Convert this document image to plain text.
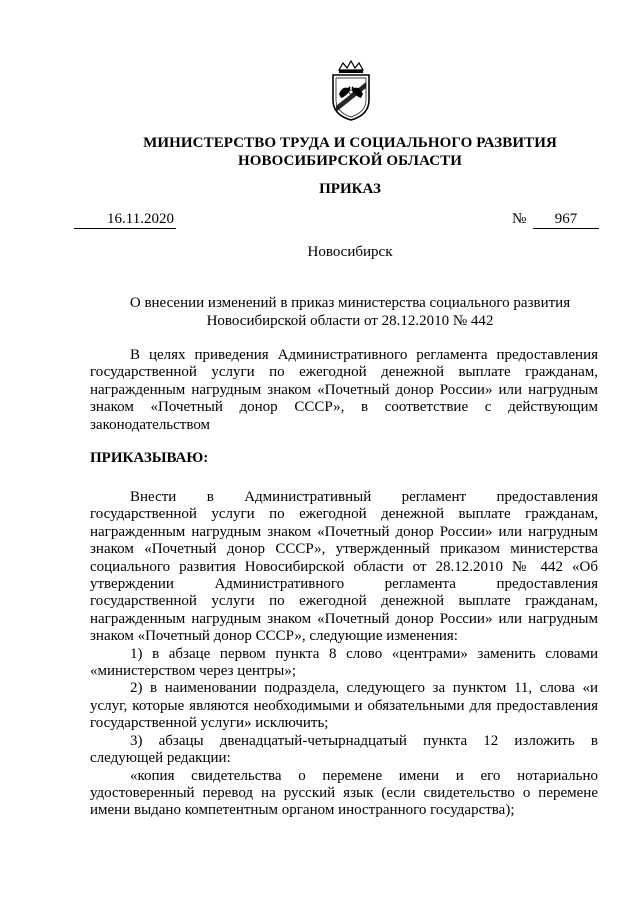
МИНИСТЕРСТВО ТРУДА И СОЦИАЛЬНОГО РАЗВИТИЯ
НОВОСИБИРСКОЙ ОБЛАСТИ
ПРИКАЗ
16.11.2020	№	967
Новосибирск
О внесении изменений в приказ министерства социального развития
Новосибирской области от 28.12.2010 № 442

В целях приведения Административного регламента предоставления государственной услуги по ежегодной денежной выплате гражданам, награжденным нагрудным знаком «Почетный донор России» или нагрудным знаком «Почетный донор СССР», в соответствие с действующим законодательством

ПРИКАЗЫВАЮ:

Внести в Административный регламент предоставления государственной услуги по ежегодной денежной выплате гражданам, награжденным нагрудным знаком «Почетный донор России» или нагрудным знаком «Почетный донор СССР», утвержденный приказом министерства социального развития Новосибирской области от 28.12.2010 № 442 «Об утверждении Административного регламента предоставления государственной услуги по ежегодной денежной выплате гражданам, награжденным нагрудным знаком «Почетный донор России» или нагрудным знаком «Почетный донор СССР», следующие изменения:

1) в абзаце первом пункта 8 слово «центрами» заменить словами «министерством через центры»;

2) в наименовании подраздела, следующего за пунктом 11, слова «и услуг, которые являются необходимыми и обязательными для предоставления государственной услуги» исключить;

3) абзацы двенадцатый-четырнадцатый пункта 12 изложить в следующей редакции:

«копия свидетельства о перемене имени и его нотариально удостоверенный перевод на русский язык (если свидетельство о перемене имени выдано компетентным органом иностранного государства);
